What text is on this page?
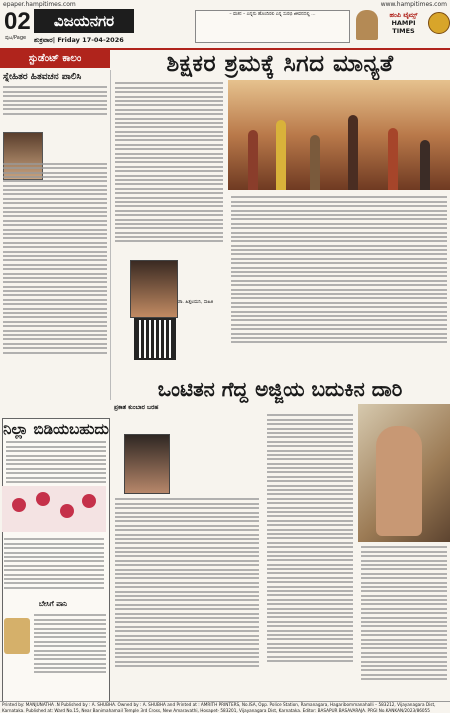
epaper.hampitimes.com	www.hampitimes.com
02
ಪುಟ/Page
ವಿಜಯನಗರ
ಶುಕ್ರವಾರ| Friday 17-04-2026
– ವಚನ – ಎನ್ನನು ಹೊಂದಿರಲಿ ಎನ್ನ ಸುರಭಿ ಜೀವನದಲ್ಲಿ ...	ಹಂಪಿ ಟೈಮ್ಸ್
HAMPI TIMES
ಸ್ಟುಡೆಂಟ್ ಕಾಲಂ	ಶಿಕ್ಷಕರ ಶ್ರಮಕ್ಕೆ ಸಿಗದ ಮಾನ್ಯತೆ
ಸ್ನೇಹಿತರ ಹಿತವಚನ ಪಾಲಿಸಿ
ಡಾ. ಹಿತ್ತಲಮನಿ, ಸಾಹಿತಿ
ಒಂಟಿತನ ಗೆದ್ದ ಅಜ್ಜಿಯ ಬದುಕಿನ ದಾರಿ
ಪ್ರಕಾಶ ಕುಂಬಾರ ಬರಹ
ನಿಲ್ಲಾ ಬಿಡಿಯಬಹುದು
ಬೇಸಿಗೆ ಪಾನಿ
Printed by: MANJUNATHA .N Published by : A. SHUBHA. Owned by : A. SHUBHA and Printed at : AMRITH PRINTERS, No.ISA, Opp. Police Station, Ramanagara, Hagaribommanahalli – 583212, Vijayanagara Dist, Karnataka. Published at: Ward No.15, Near Banimahamail Temple 3rd Cross, New Amaravathi, Hosapet- 583201, Vijayanagara Dist, Karnataka. Editor: BASAPUR BASAVARAJA. PRGI No.KANKAN/2023/86055
